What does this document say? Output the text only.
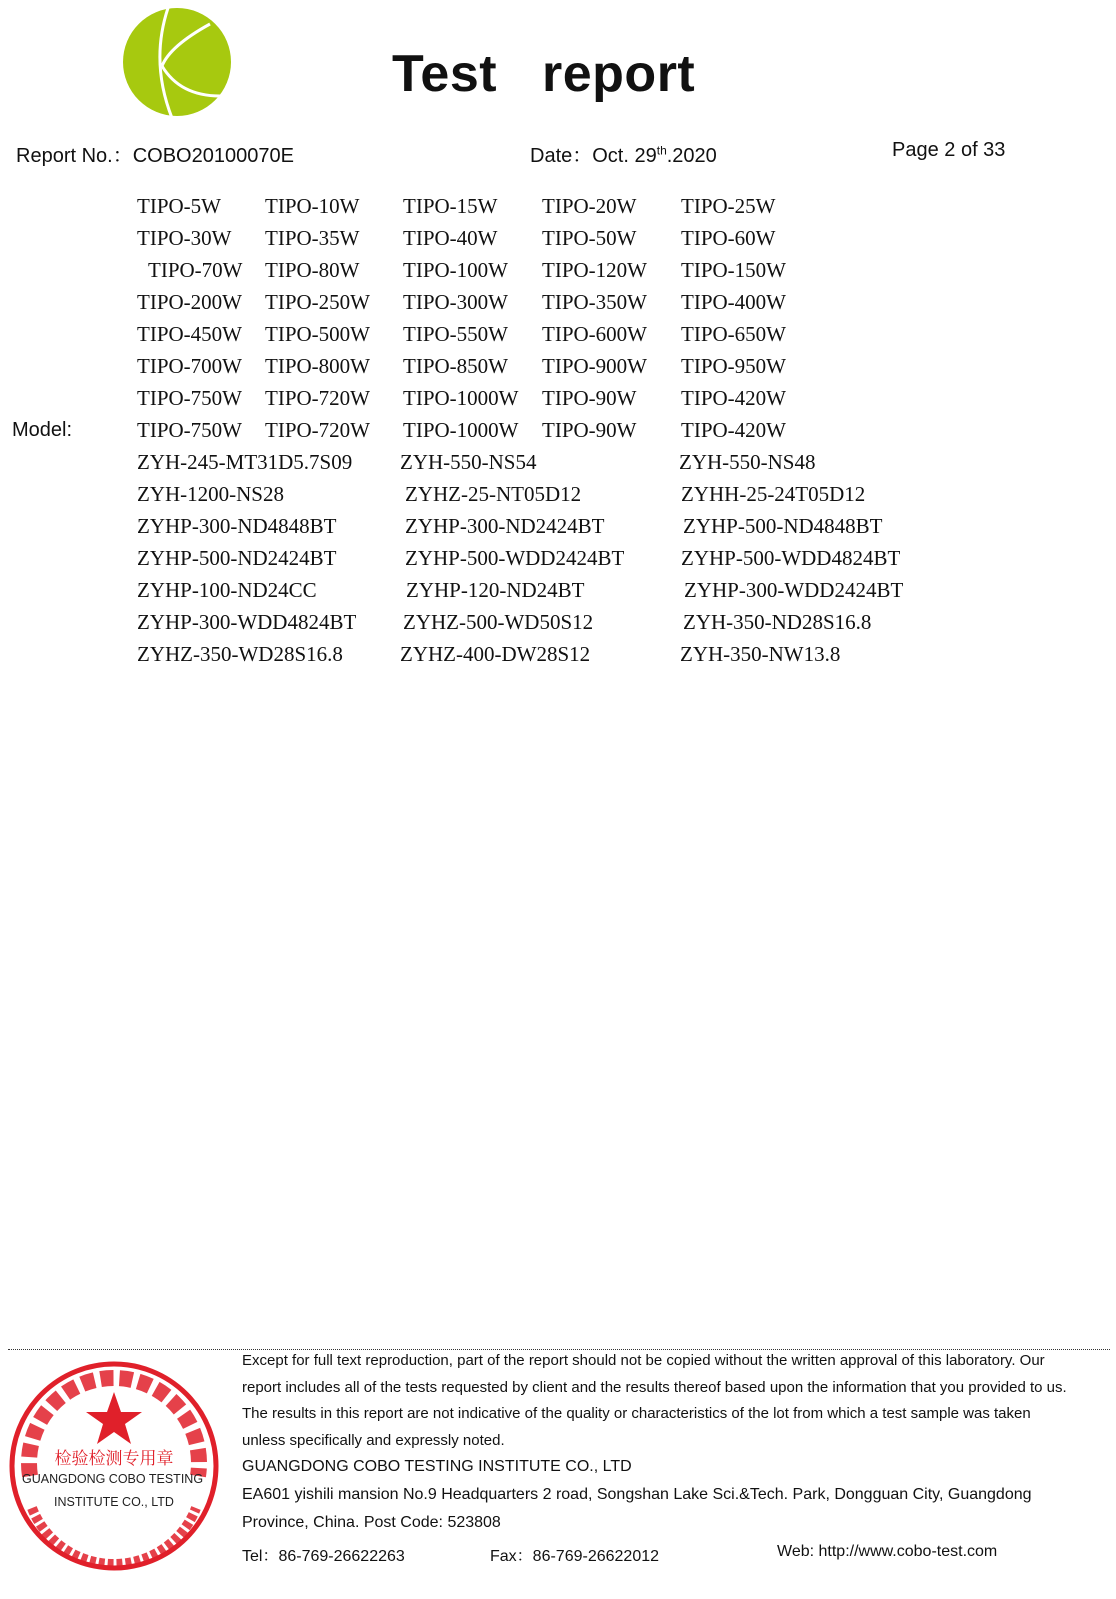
Test report
Report No.：COBO20100070E	Date：Oct. 29th.2020	Page 2 of 33
Model:
TIPO-5W TIPO-10W TIPO-15W TIPO-20W TIPO-25W
TIPO-30W TIPO-35W TIPO-40W TIPO-50W TIPO-60W
TIPO-70W TIPO-80W TIPO-100W TIPO-120W TIPO-150W
TIPO-200W TIPO-250W TIPO-300W TIPO-350W TIPO-400W
TIPO-450W TIPO-500W TIPO-550W TIPO-600W TIPO-650W
TIPO-700W TIPO-800W TIPO-850W TIPO-900W TIPO-950W
TIPO-750W TIPO-720W TIPO-1000W TIPO-90W TIPO-420W
TIPO-750W TIPO-720W TIPO-1000W TIPO-90W TIPO-420W
ZYH-245-MT31D5.7S09 ZYH-550-NS54	ZYH-550-NS48
ZYH-1200-NS28	ZYHZ-25-NT05D12	ZYHH-25-24T05D12
ZYHP-300-ND4848BT	ZYHP-300-ND2424BT	ZYHP-500-ND4848BT
ZYHP-500-ND2424BT	ZYHP-500-WDD2424BT	ZYHP-500-WDD4824BT
ZYHP-100-ND24CC	ZYHP-120-ND24BT	ZYHP-300-WDD2424BT
ZYHP-300-WDD4824BT ZYHZ-500-WD50S12	ZYH-350-ND28S16.8
ZYHZ-350-WD28S16.8	ZYHZ-400-DW28S12	ZYH-350-NW13.8
检验检测专用章
GUANGDONG COBO TESTING
INSTITUTE CO., LTD
Except for full text reproduction, part of the report should not be copied without the written approval of this laboratory. Our
report includes all of the tests requested by client and the results thereof based upon the information that you provided to us.
The results in this report are not indicative of the quality or characteristics of the lot from which a test sample was taken
unless specifically and expressly noted.
GUANGDONG COBO TESTING INSTITUTE CO., LTD
EA601 yishili mansion No.9 Headquarters 2 road, Songshan Lake Sci.&Tech. Park, Dongguan City, Guangdong
Province, China. Post Code: 523808
Tel：86-769-26622263	Fax：86-769-26622012	Web: http://www.cobo-test.com
